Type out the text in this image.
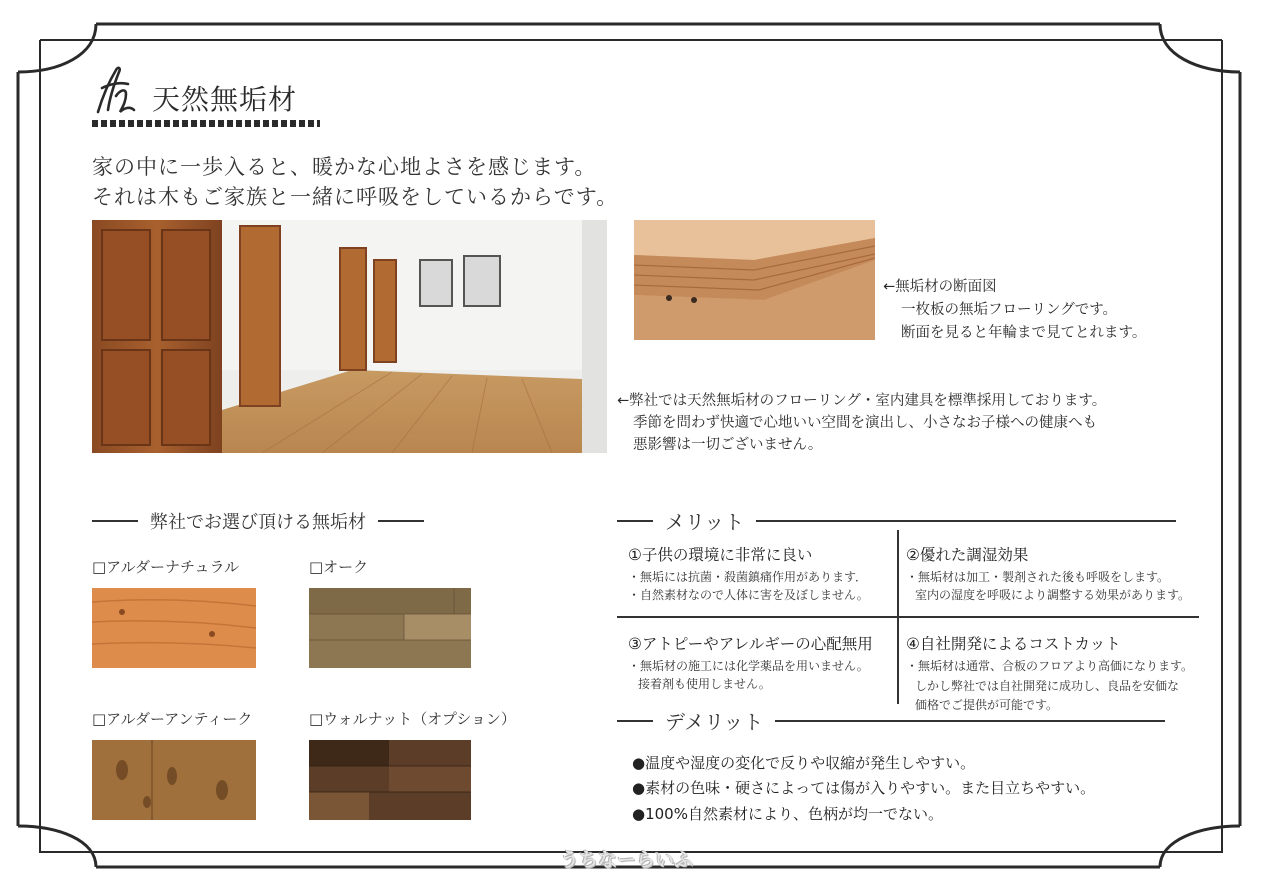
天然無垢材
家の中に一歩入ると、暖かな心地よさを感じます。
それは木もご家族と一緒に呼吸をしているからです。
←無垢材の断面図
一枚板の無垢フローリングです。
断面を見ると年輪まで見てとれます。
←弊社では天然無垢材のフローリング・室内建具を標準採用しております。
季節を問わず快適で心地いい空間を演出し、小さなお子様への健康へも
悪影響は一切ございません。
弊社でお選び頂ける無垢材
□アルダーナチュラル	□オーク
□アルダーアンティーク	□ウォルナット（オプション）
メリット
①子供の環境に非常に良い
・無垢には抗菌・殺菌鎮痛作用があります．
・自然素材なので人体に害を及ぼしません。
②優れた調湿効果
・無垢材は加工・製剤された後も呼吸をします。
室内の湿度を呼吸により調整する効果があります。
③アトピーやアレルギーの心配無用
・無垢材の施工には化学薬品を用いません。
接着剤も使用しません。
④自社開発によるコストカット
・無垢材は通常、合板のフロアより高価になります。
しかし弊社では自社開発に成功し、良品を安価な
価格でご提供が可能です。
デメリット
●温度や湿度の変化で反りや収縮が発生しやすい。
●素材の色味・硬さによっては傷が入りやすい。また目立ちやすい。
●100%自然素材により、色柄が均一でない。
うちなーらいふ
